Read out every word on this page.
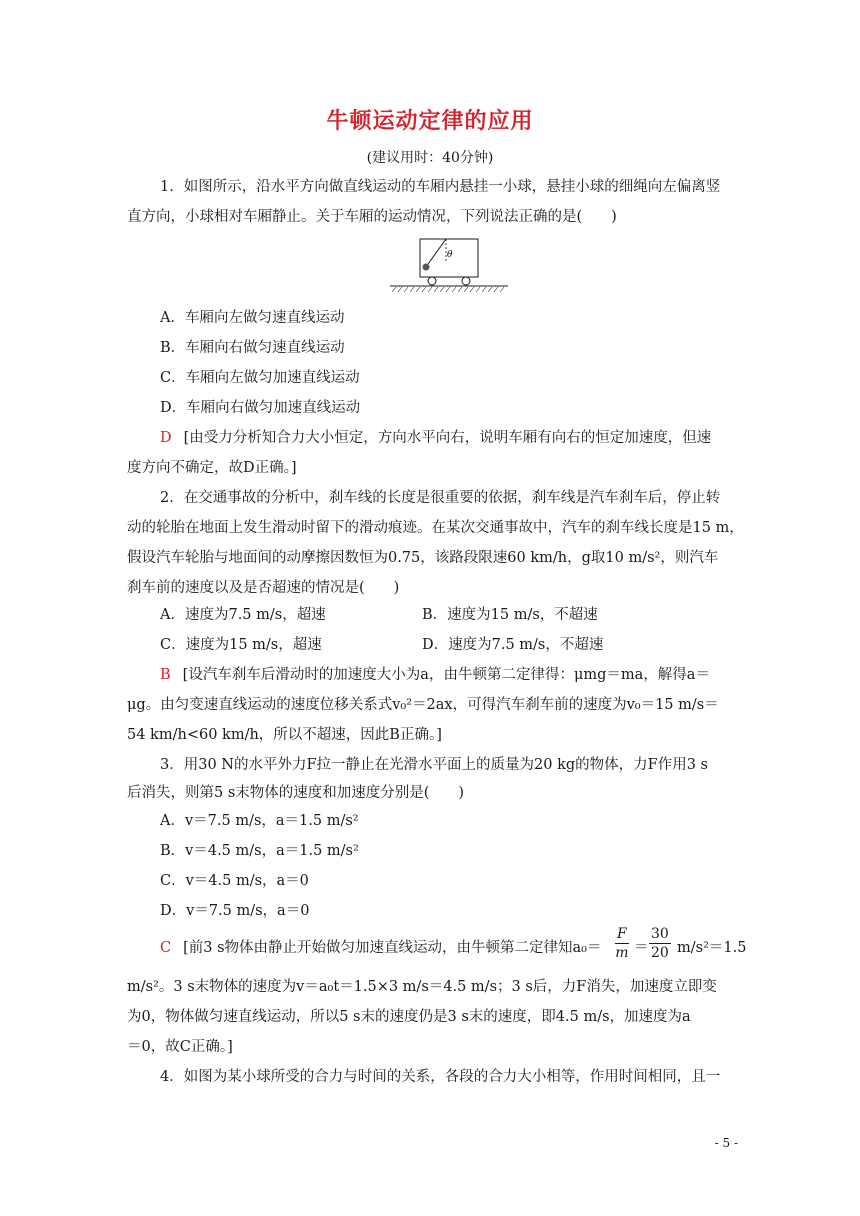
牛顿运动定律的应用
(建议用时：40分钟)
1．如图所示，沿水平方向做直线运动的车厢内悬挂一小球，悬挂小球的细绳向左偏离竖
直方向，小球相对车厢静止。关于车厢的运动情况，下列说法正确的是(　　)
θ
A．车厢向左做匀速直线运动
B．车厢向右做匀速直线运动
C．车厢向左做匀加速直线运动
D．车厢向右做匀加速直线运动
D [由受力分析知合力大小恒定，方向水平向右，说明车厢有向右的恒定加速度，但速
度方向不确定，故D正确。]
2．在交通事故的分析中，刹车线的长度是很重要的依据，刹车线是汽车刹车后，停止转
动的轮胎在地面上发生滑动时留下的滑动痕迹。在某次交通事故中，汽车的刹车线长度是15 m，
假设汽车轮胎与地面间的动摩擦因数恒为0.75，该路段限速60 km/h，g取10 m/s²，则汽车
刹车前的速度以及是否超速的情况是(　　)
A．速度为7.5 m/s，超速	B．速度为15 m/s，不超速
C．速度为15 m/s，超速	D．速度为7.5 m/s，不超速
B [设汽车刹车后滑动时的加速度大小为a，由牛顿第二定律得：μmg＝ma，解得a＝
μg。由匀变速直线运动的速度位移关系式v₀²＝2ax，可得汽车刹车前的速度为v₀＝15 m/s＝
54 km/h<60 km/h，所以不超速，因此B正确。]
3．用30 N的水平外力F拉一静止在光滑水平面上的质量为20 kg的物体，力F作用3 s
后消失，则第5 s末物体的速度和加速度分别是(　　)
A．v＝7.5 m/s，a＝1.5 m/s²
B．v＝4.5 m/s，a＝1.5 m/s²
C．v＝4.5 m/s，a＝0
D．v＝7.5 m/s，a＝0
C [前3 s物体由静止开始做匀加速直线运动，由牛顿第二定律知$a_0= \frac{F}{m} = \frac{30}{20} m/s^2=1.5$
m/s²。3 s末物体的速度为v＝a₀t＝1.5×3 m/s＝4.5 m/s；3 s后，力F消失，加速度立即变
为0，物体做匀速直线运动，所以5 s末的速度仍是3 s末的速度，即4.5 m/s，加速度为a
＝0，故C正确。]
4．如图为某小球所受的合力与时间的关系，各段的合力大小相等，作用时间相同，且一
- 5 -
